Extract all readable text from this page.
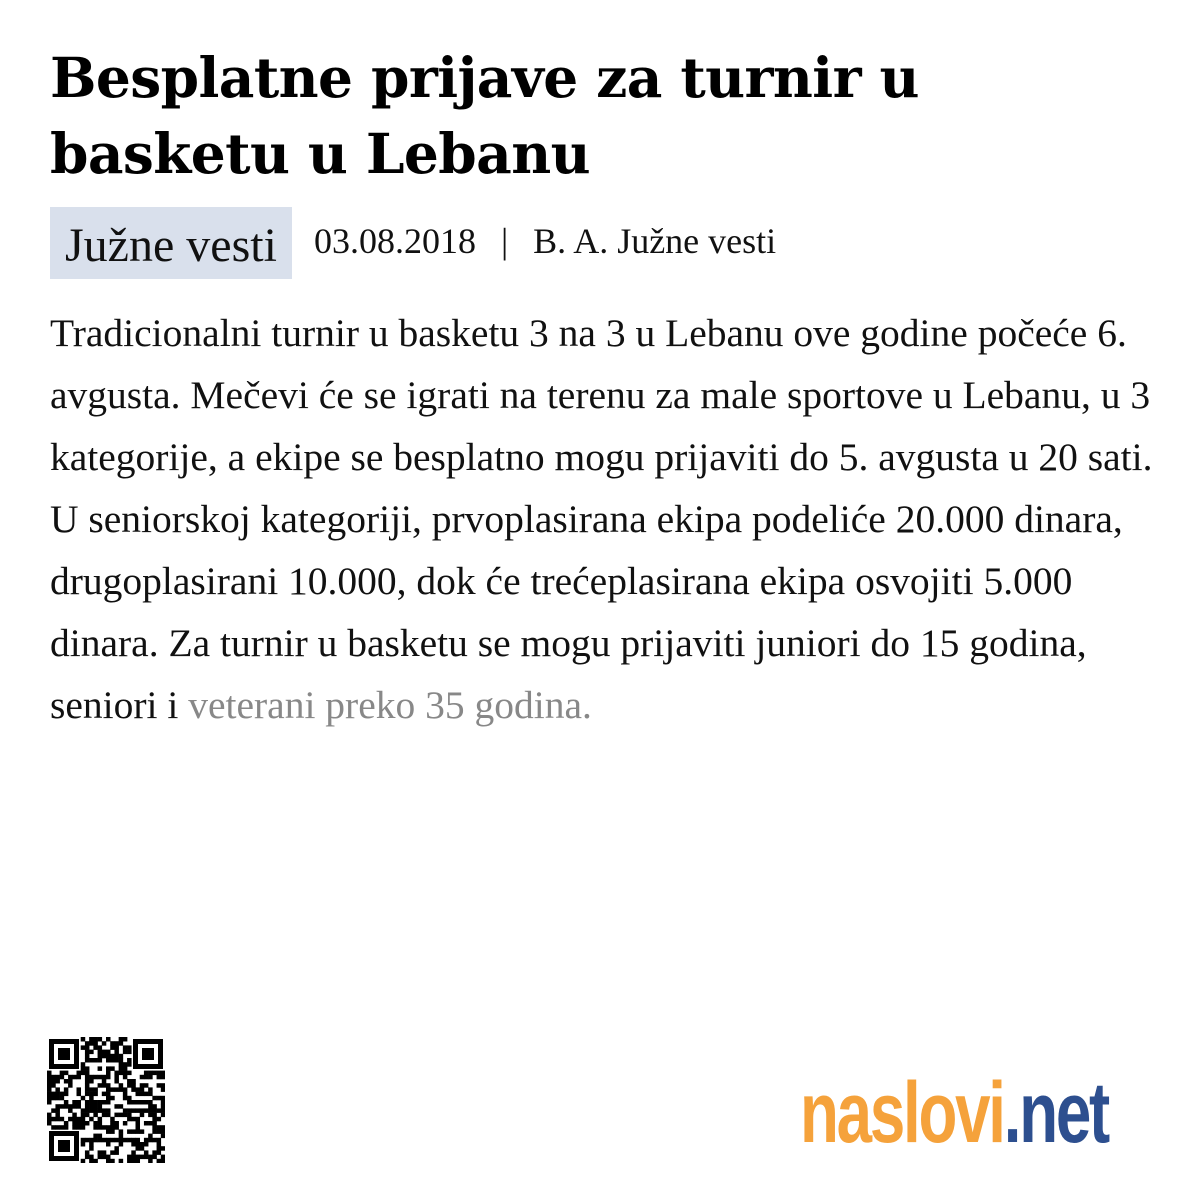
Besplatne prijave za turnir u basketu u Lebanu
Južne vesti	03.08.2018 | B. A. Južne vesti
Tradicionalni turnir u basketu 3 na 3 u Lebanu ove godine počeće 6. avgusta. Mečevi će se igrati na terenu za male sportove u Lebanu, u 3 kategorije, a ekipe se besplatno mogu prijaviti do 5. avgusta u 20 sati. U seniorskoj kategoriji, prvoplasirana ekipa podeliće 20.000 dinara, drugoplasirani 10.000, dok će trećeplasirana ekipa osvojiti 5.000 dinara. Za turnir u basketu se mogu prijaviti juniori do 15 godina, seniori i veterani preko 35 godina.
naslovi.net
